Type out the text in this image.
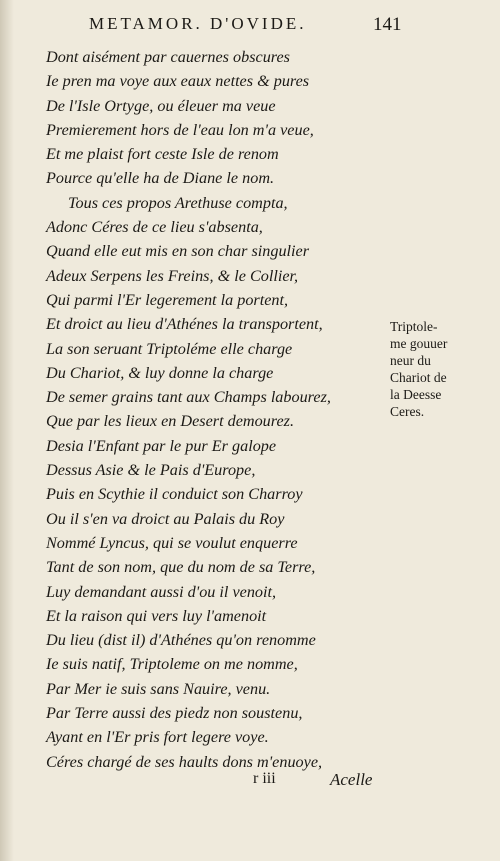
METAMOR. D'OVIDE.	141
Dont aisément par cauernes obscures
Ie pren ma voye aux eaux nettes & pures
De l'Isle Ortyge, ou éleuer ma veue
Premierement hors de l'eau lon m'a veue,
Et me plaist fort ceste Isle de renom
Pource qu'elle ha de Diane le nom.
Tous ces propos Arethuse compta,
Adonc Céres de ce lieu s'absenta,
Quand elle eut mis en son char singulier
Adeux Serpens les Freins, & le Collier,
Qui parmi l'Er legerement la portent,
Et droict au lieu d'Athénes la transportent,
La son seruant Triptoléme elle charge
Du Chariot, & luy donne la charge
De semer grains tant aux Champs labourez,
Que par les lieux en Desert demourez.
Desia l'Enfant par le pur Er galope
Dessus Asie & le Pais d'Europe,
Puis en Scythie il conduict son Charroy
Ou il s'en va droict au Palais du Roy
Nommé Lyncus, qui se voulut enquerre
Tant de son nom, que du nom de sa Terre,
Luy demandant aussi d'ou il venoit,
Et la raison qui vers luy l'amenoit
Du lieu (dist il) d'Athénes qu'on renomme
Ie suis natif, Triptoleme on me nomme,
Par Mer ie suis sans Nauire, venu.
Par Terre aussi des piedz non soustenu,
Ayant en l'Er pris fort legere voye.
Céres chargé de ses haults dons m'enuoye,
Triptole-
me gouuer
neur du
Chariot de
la Deesse
Ceres.
r iii	Acelle
